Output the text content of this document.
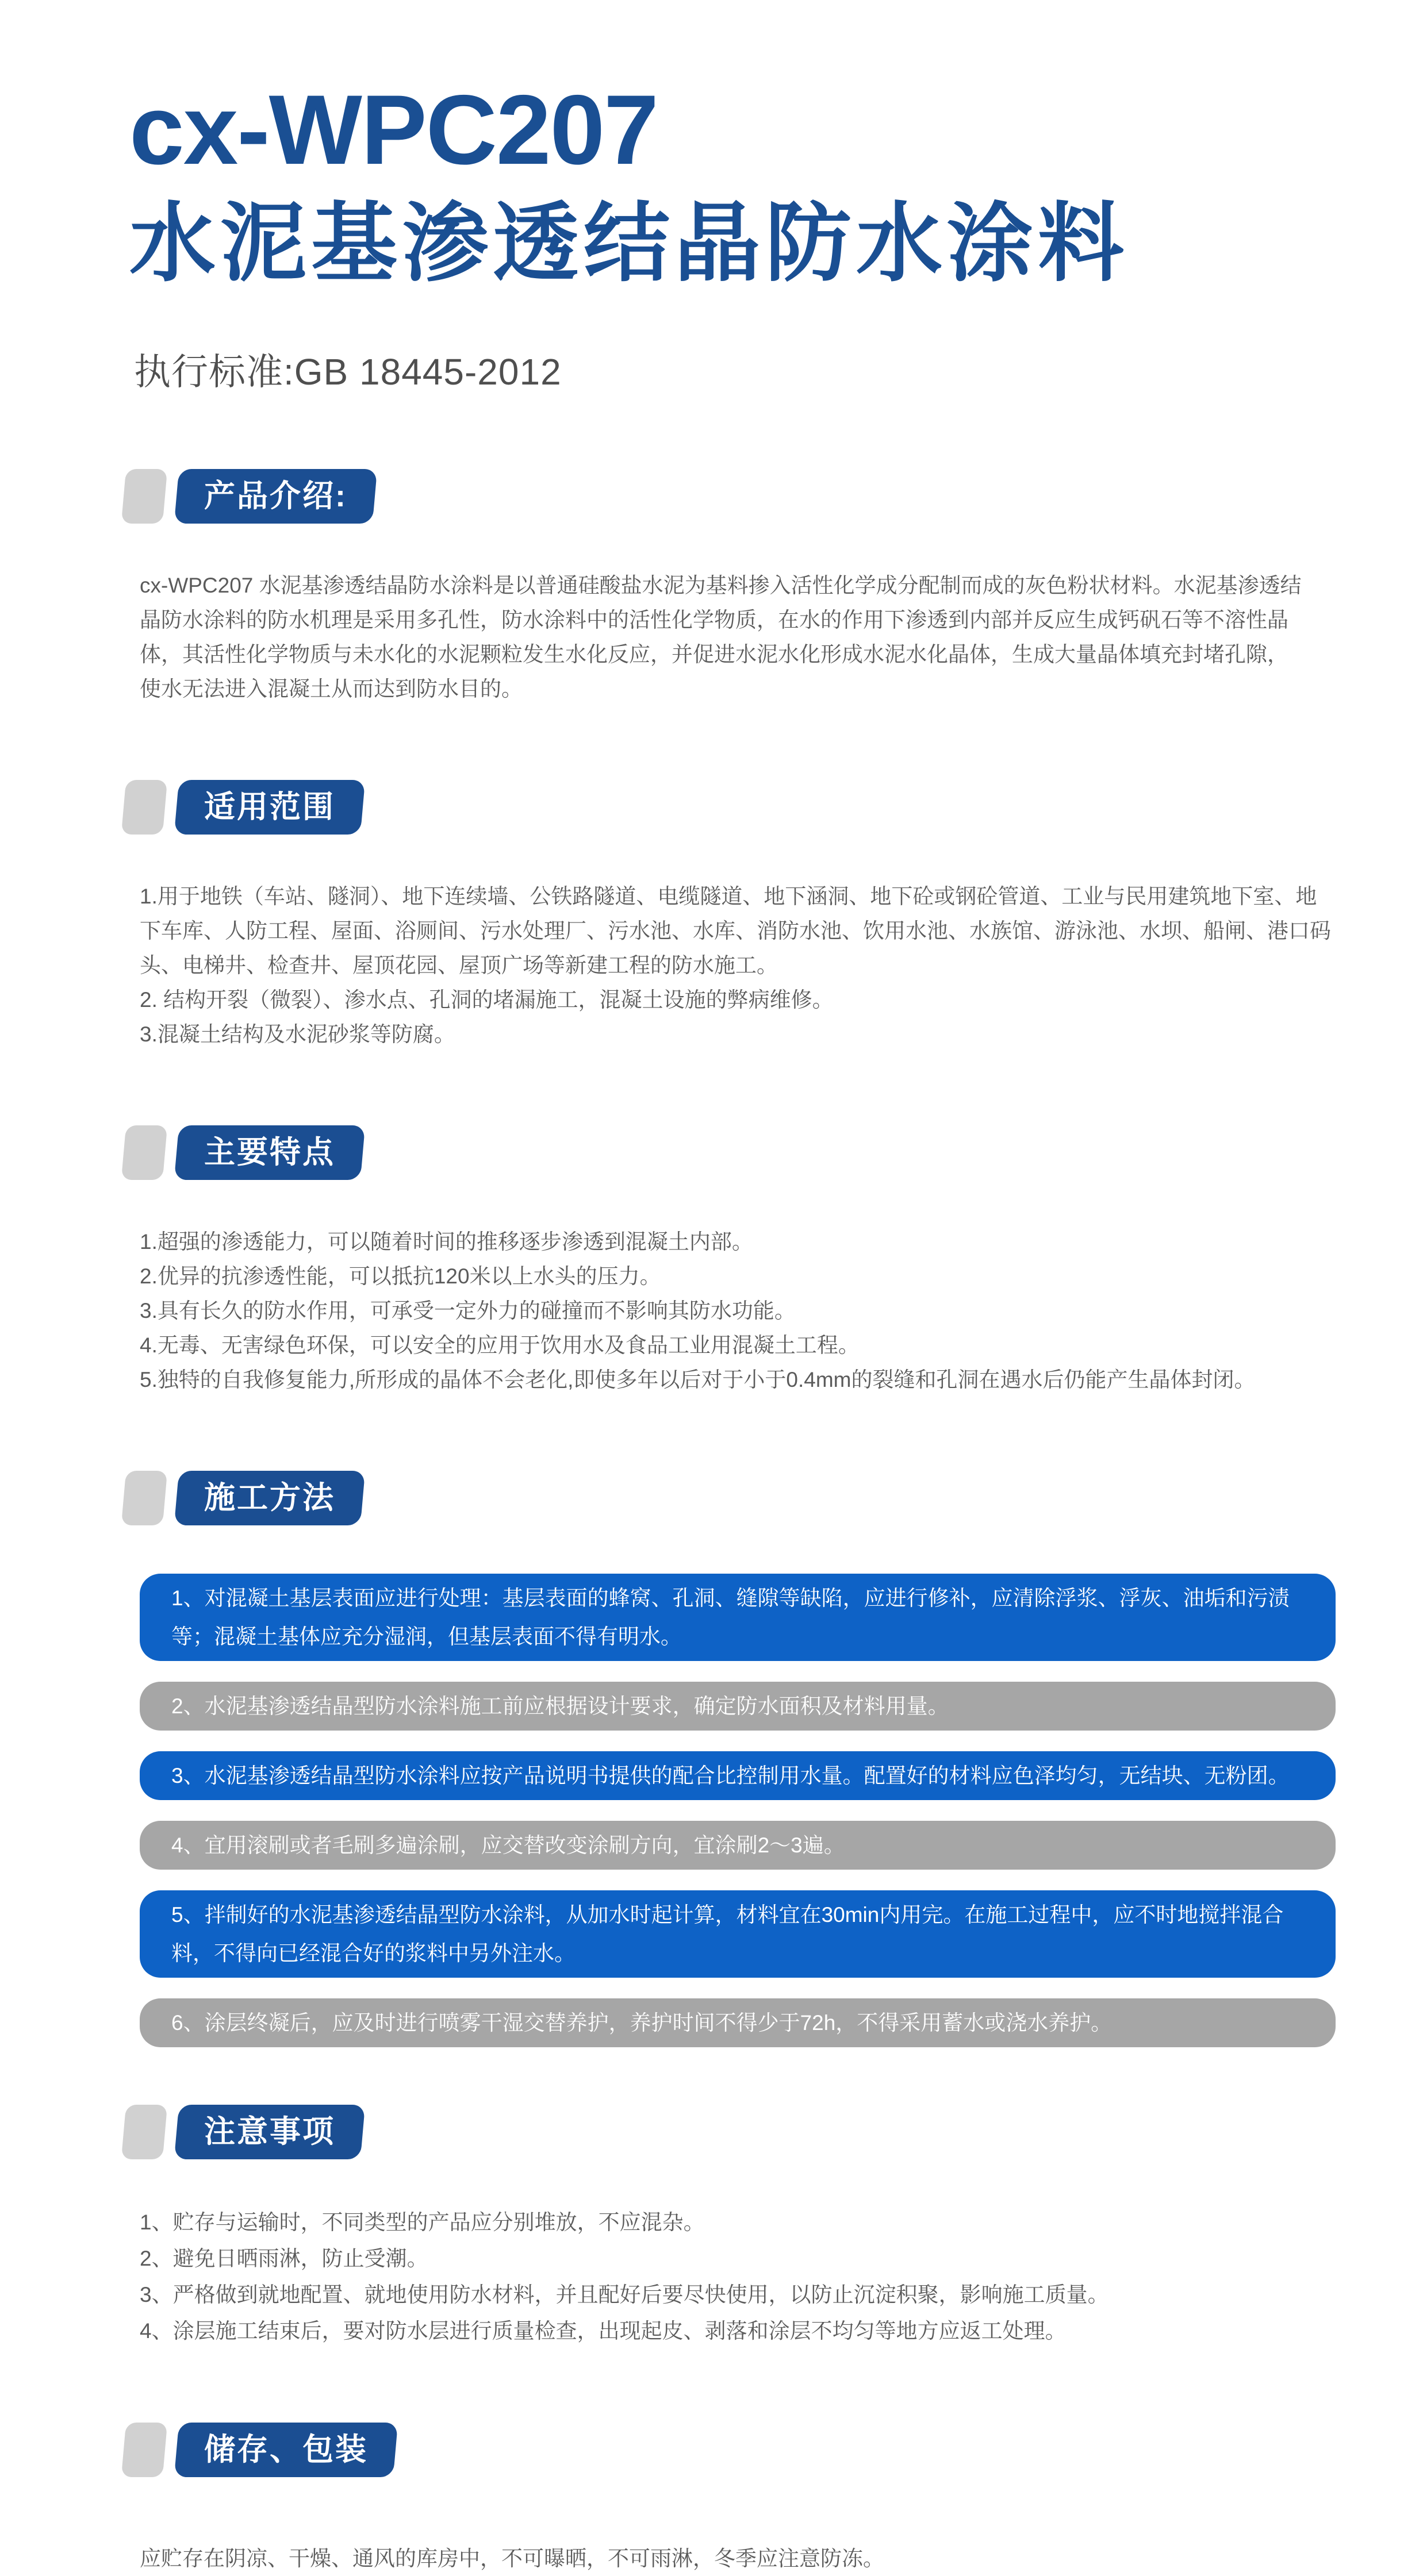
cx-WPC207
水泥基渗透结晶防水涂料
执行标准:GB 18445-2012
产品介绍:

cx-WPC207 水泥基渗透结晶防水涂料是以普通硅酸盐水泥为基料掺入活性化学成分配制而成的灰色粉状材料。水泥基渗透结晶防水涂料的防水机理是采用多孔性，防水涂料中的活性化学物质，在水的作用下渗透到内部并反应生成钙矾石等不溶性晶体，其活性化学物质与未水化的水泥颗粒发生水化反应，并促进水泥水化形成水泥水化晶体，生成大量晶体填充封堵孔隙，使水无法进入混凝土从而达到防水目的。

适用范围

1.用于地铁（车站、隧洞）、地下连续墙、公铁路隧道、电缆隧道、地下涵洞、地下砼或钢砼管道、工业与民用建筑地下室、地下车库、人防工程、屋面、浴厕间、污水处理厂、污水池、水库、消防水池、饮用水池、水族馆、游泳池、水坝、船闸、港口码头、电梯井、检查井、屋顶花园、屋顶广场等新建工程的防水施工。

2. 结构开裂（微裂）、渗水点、孔洞的堵漏施工，混凝土设施的弊病维修。

3.混凝土结构及水泥砂浆等防腐。

主要特点

1.超强的渗透能力，可以随着时间的推移逐步渗透到混凝土内部。

2.优异的抗渗透性能，可以抵抗120米以上水头的压力。

3.具有长久的防水作用，可承受一定外力的碰撞而不影响其防水功能。

4.无毒、无害绿色环保，可以安全的应用于饮用水及食品工业用混凝土工程。

5.独特的自我修复能力,所形成的晶体不会老化,即使多年以后对于小于0.4mm的裂缝和孔洞在遇水后仍能产生晶体封闭。

施工方法
1、对混凝土基层表面应进行处理：基层表面的蜂窝、孔洞、缝隙等缺陷，应进行修补，应清除浮浆、浮灰、油垢和污渍等；混凝土基体应充分湿润，但基层表面不得有明水。
2、水泥基渗透结晶型防水涂料施工前应根据设计要求，确定防水面积及材料用量。
3、水泥基渗透结晶型防水涂料应按产品说明书提供的配合比控制用水量。配置好的材料应色泽均匀，无结块、无粉团。
4、宜用滚刷或者毛刷多遍涂刷，应交替改变涂刷方向，宜涂刷2～3遍。
5、拌制好的水泥基渗透结晶型防水涂料，从加水时起计算，材料宜在30min内用完。在施工过程中，应不时地搅拌混合料，不得向已经混合好的浆料中另外注水。
6、涂层终凝后，应及时进行喷雾干湿交替养护，养护时间不得少于72h，不得采用蓄水或浇水养护。
注意事项

1、贮存与运输时，不同类型的产品应分别堆放，不应混杂。

2、避免日晒雨淋，防止受潮。

3、严格做到就地配置、就地使用防水材料，并且配好后要尽快使用，以防止沉淀积聚，影响施工质量。

4、涂层施工结束后，要对防水层进行质量检查，出现起皮、剥落和涂层不均匀等地方应返工处理。

储存、包装

应贮存在阴凉、干燥、通风的库房中，不可曝晒，不可雨淋，冬季应注意防冻。
